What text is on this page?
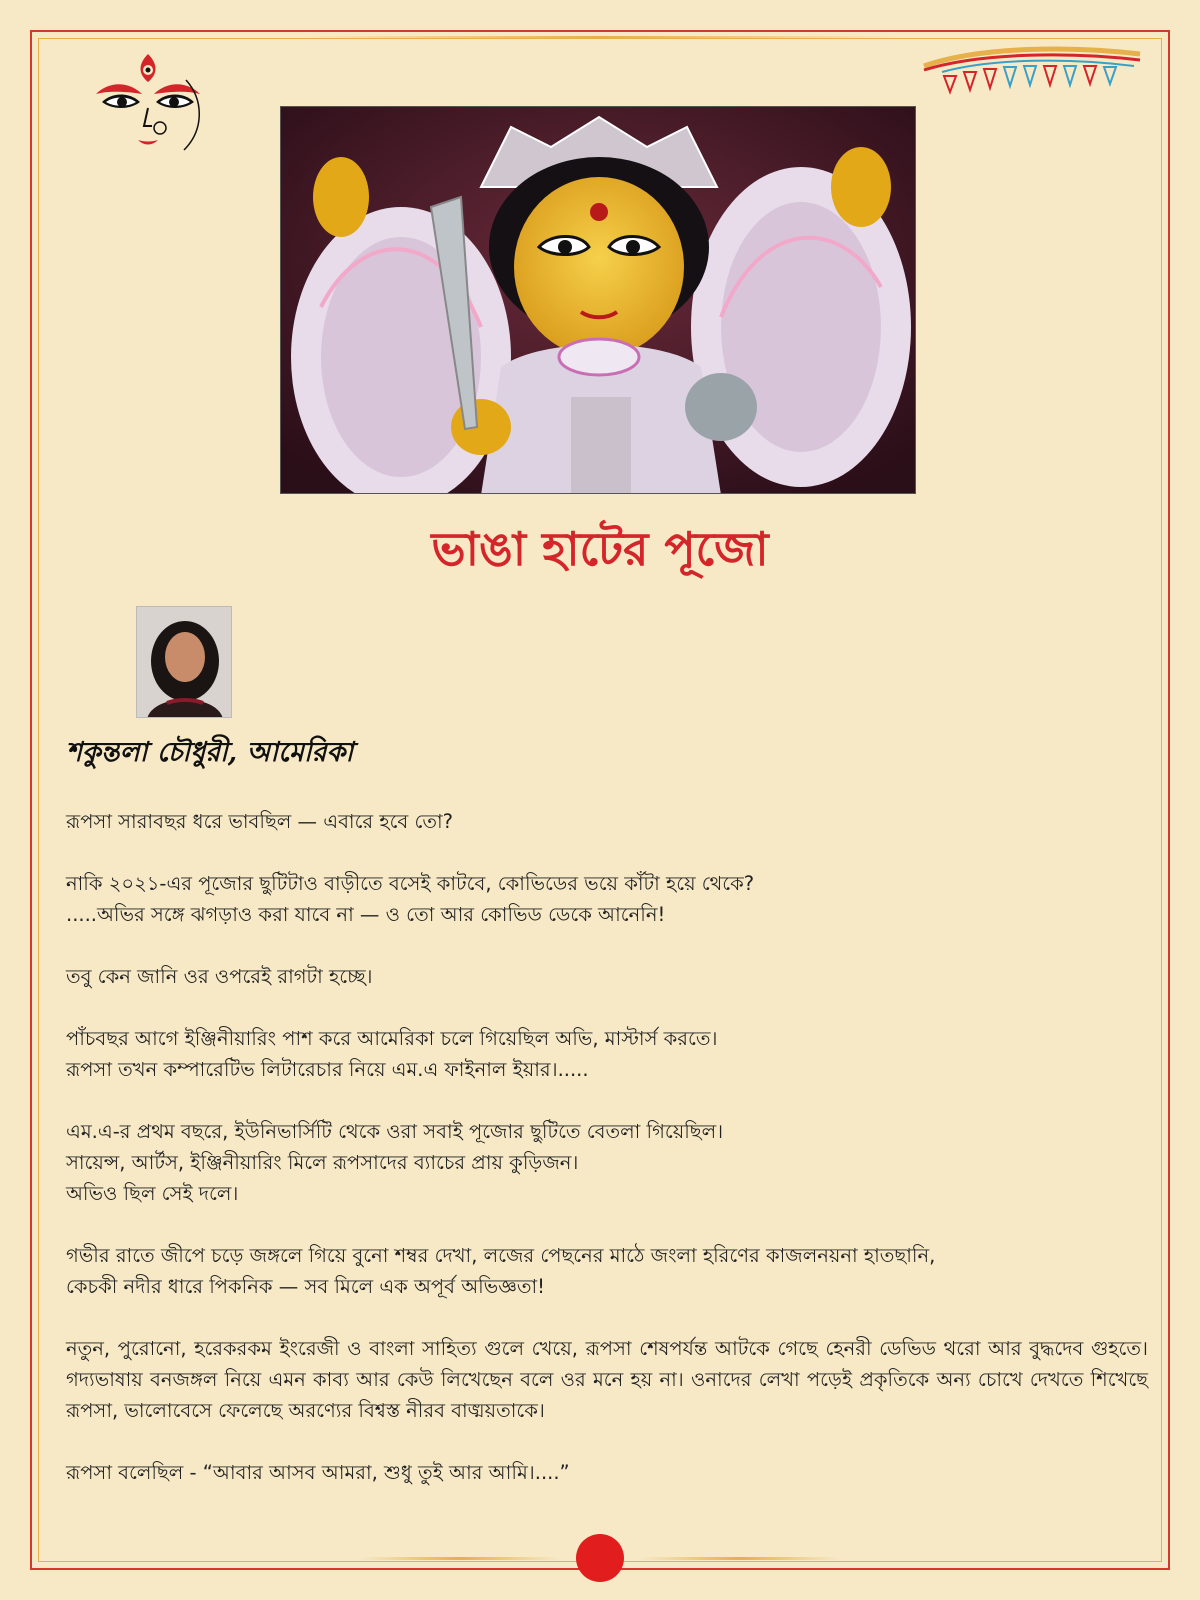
ভাঙা হাটের পূজো
শকুন্তলা চৌধুরী, আমেরিকা

রূপসা সারাবছর ধরে ভাবছিল — এবারে হবে তো?

নাকি ২০২১-এর পূজোর ছুটিটাও বাড়ীতে বসেই কাটবে, কোভিডের ভয়ে কাঁটা হয়ে থেকে?
.....অভির সঙ্গে ঝগড়াও করা যাবে না — ও তো আর কোভিড ডেকে আনেনি!

তবু কেন জানি ওর ওপরেই রাগটা হচ্ছে।

পাঁচবছর আগে ইঞ্জিনীয়ারিং পাশ করে আমেরিকা চলে গিয়েছিল অভি, মাস্টার্স করতে।
রূপসা তখন কম্পারেটিভ লিটারেচার নিয়ে এম.এ ফাইনাল ইয়ার।.....

এম.এ-র প্রথম বছরে, ইউনিভার্সিটি থেকে ওরা সবাই পূজোর ছুটিতে বেতলা গিয়েছিল।
সায়েন্স, আর্টস, ইঞ্জিনীয়ারিং মিলে রূপসাদের ব্যাচের প্রায় কুড়িজন।
অভিও ছিল সেই দলে।

গভীর রাতে জীপে চড়ে জঙ্গলে গিয়ে বুনো শম্বর দেখা, লজের পেছনের মাঠে জংলা হরিণের কাজলনয়না হাতছানি,
কেচকী নদীর ধারে পিকনিক — সব মিলে এক অপূর্ব অভিজ্ঞতা!

নতুন, পুরোনো, হরেকরকম ইংরেজী ও বাংলা সাহিত্য গুলে খেয়ে, রূপসা শেষপর্যন্ত আটকে গেছে হেনরী ডেভিড থরো আর বুদ্ধদেব গুহতে। গদ্যভাষায় বনজঙ্গল নিয়ে এমন কাব্য আর কেউ লিখেছেন বলে ওর মনে হয় না। ওনাদের লেখা পড়েই প্রকৃতিকে অন্য চোখে দেখতে শিখেছে রূপসা, ভালোবেসে ফেলেছে অরণ্যের বিশ্বস্ত নীরব বাঙ্ময়তাকে।

রূপসা বলেছিল - “আবার আসব আমরা, শুধু তুই আর আমি।....”
